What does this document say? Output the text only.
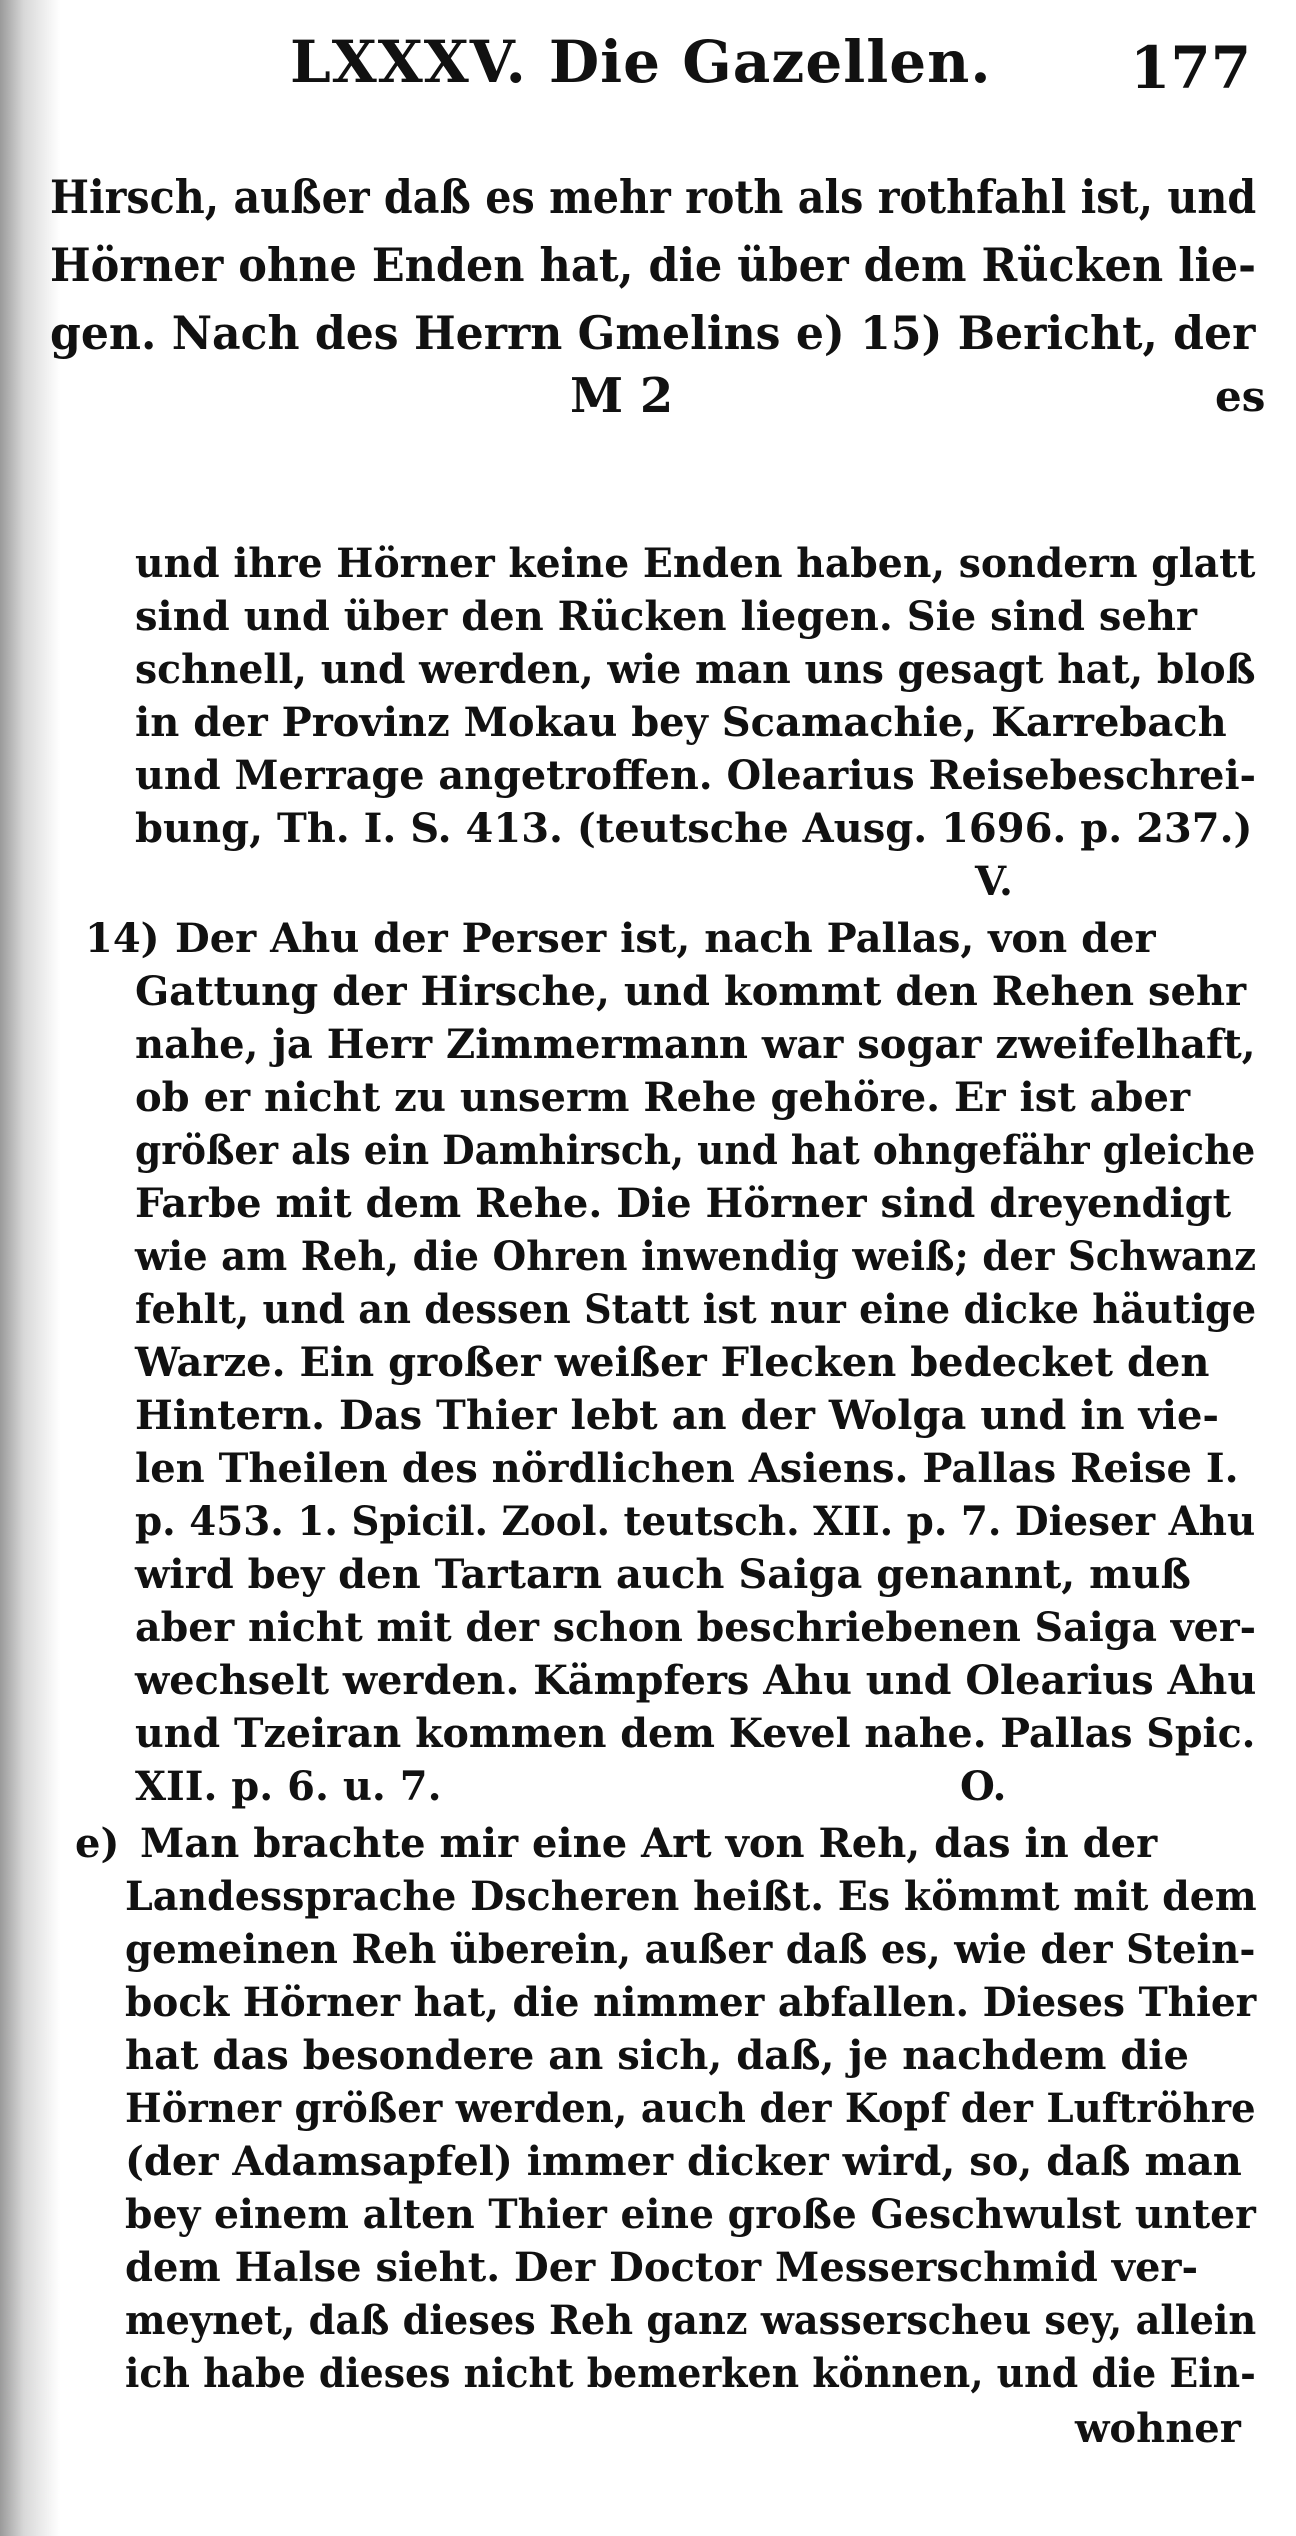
LXXXV. Die Gazellen. 177
Hirsch, außer daß es mehr roth als rothfahl ist, und
Hörner ohne Enden hat, die über dem Rücken lie-
gen. Nach des Herrn Gmelins e) 15) Bericht, der
M 2	es
und ihre Hörner keine Enden haben, sondern glatt
sind und über den Rücken liegen. Sie sind sehr
schnell, und werden, wie man uns gesagt hat, bloß
in der Provinz Mokau bey Scamachie, Karrebach
und Merrage angetroffen. Olearius Reisebeschrei-
bung, Th. I. S. 413. (teutsche Ausg. 1696. p. 237.)
V.
14) Der Ahu der Perser ist, nach Pallas, von der
Gattung der Hirsche, und kommt den Rehen sehr
nahe, ja Herr Zimmermann war sogar zweifelhaft,
ob er nicht zu unserm Rehe gehöre. Er ist aber
größer als ein Damhirsch, und hat ohngefähr gleiche
Farbe mit dem Rehe. Die Hörner sind dreyendigt
wie am Reh, die Ohren inwendig weiß; der Schwanz
fehlt, und an dessen Statt ist nur eine dicke häutige
Warze. Ein großer weißer Flecken bedecket den
Hintern. Das Thier lebt an der Wolga und in vie-
len Theilen des nördlichen Asiens. Pallas Reise I.
p. 453. 1. Spicil. Zool. teutsch. XII. p. 7. Dieser Ahu
wird bey den Tartarn auch Saiga genannt, muß
aber nicht mit der schon beschriebenen Saiga ver-
wechselt werden. Kämpfers Ahu und Olearius Ahu
und Tzeiran kommen dem Kevel nahe. Pallas Spic.
XII. p. 6. u. 7.	O.
e) Man brachte mir eine Art von Reh, das in der
Landessprache Dscheren heißt. Es kömmt mit dem
gemeinen Reh überein, außer daß es, wie der Stein-
bock Hörner hat, die nimmer abfallen. Dieses Thier
hat das besondere an sich, daß, je nachdem die
Hörner größer werden, auch der Kopf der Luftröhre
(der Adamsapfel) immer dicker wird, so, daß man
bey einem alten Thier eine große Geschwulst unter
dem Halse sieht. Der Doctor Messerschmid ver-
meynet, daß dieses Reh ganz wasserscheu sey, allein
ich habe dieses nicht bemerken können, und die Ein-
wohner
